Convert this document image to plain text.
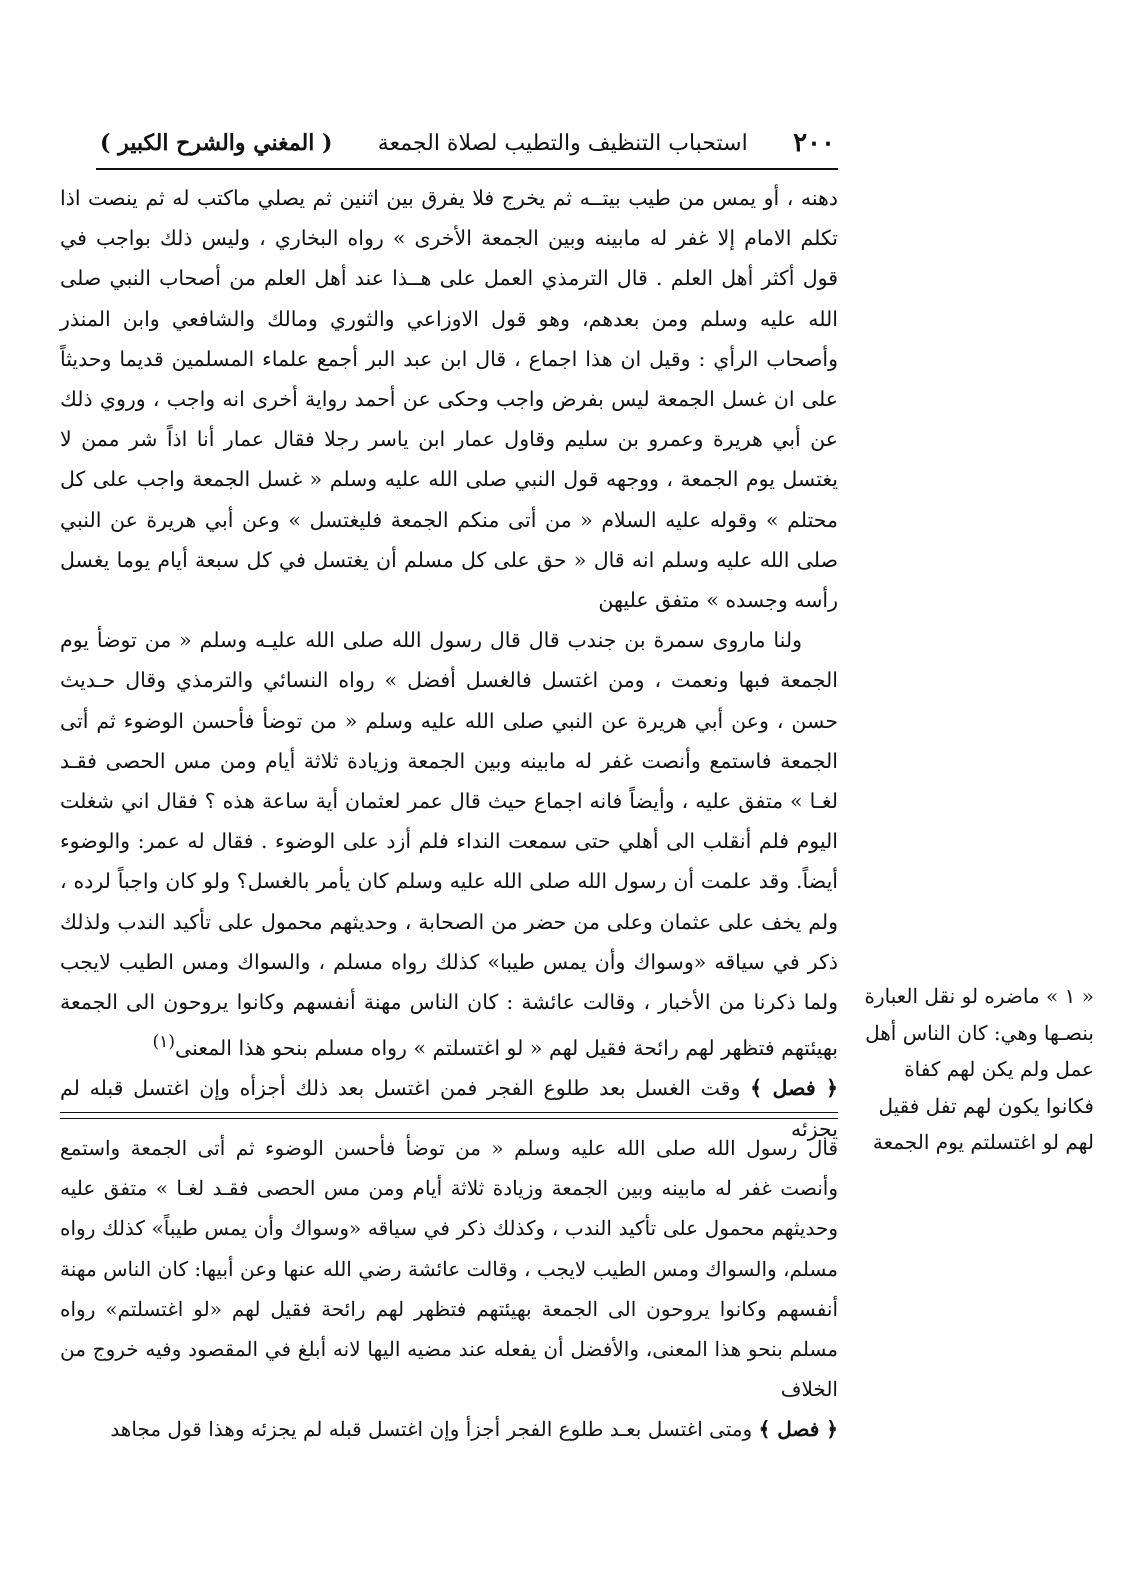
٢٠٠
استحباب التنظيف والتطيب لصلاة الجمعة
( المغني والشرح الكبير )

دهنه ، أو يمس من طيب بيتــه ثم يخرج فلا يفرق بين اثنين ثم يصلي ماكتب له ثم ينصت اذا تكلم الامام إلا غفر له مابينه وبين الجمعة الأخرى » رواه البخاري ، وليس ذلك بواجب في قول أكثر أهل العلم . قال الترمذي العمل على هــذا عند أهل العلم من أصحاب النبي صلى الله عليه وسلم ومن بعدهم، وهو قول الاوزاعي والثوري ومالك والشافعي وابن المنذر وأصحاب الرأي : وقيل ان هذا اجماع ، قال ابن عبد البر أجمع علماء المسلمين قديما وحديثاً على ان غسل الجمعة ليس بفرض واجب وحكى عن أحمد رواية أخرى انه واجب ، وروي ذلك عن أبي هريرة وعمرو بن سليم وقاول عمار ابن ياسر رجلا فقال عمار أنا اذاً شر ممن لا يغتسل يوم الجمعة ، ووجهه قول النبي صلى الله عليه وسلم « غسل الجمعة واجب على كل محتلم » وقوله عليه السلام « من أتى منكم الجمعة فليغتسل » وعن أبي هريرة عن النبي صلى الله عليه وسلم انه قال « حق على كل مسلم أن يغتسل في كل سبعة أيام يوما يغسل رأسه وجسده » متفق عليهن

ولنا ماروى سمرة بن جندب قال قال رسول الله صلى الله عليـه وسلم « من توضأ يوم الجمعة فبها ونعمت ، ومن اغتسل فالغسل أفضل » رواه النسائي والترمذي وقال حـديث حسن ، وعن أبي هريرة عن النبي صلى الله عليه وسلم « من توضأ فأحسن الوضوء ثم أتى الجمعة فاستمع وأنصت غفر له مابينه وبين الجمعة وزيادة ثلاثة أيام ومن مس الحصى فقـد لغـا » متفق عليه ، وأيضاً فانه اجماع حيث قال عمر لعثمان أية ساعة هذه ؟ فقال اني شغلت اليوم فلم أنقلب الى أهلي حتى سمعت النداء فلم أزد على الوضوء . فقال له عمر: والوضوء أيضاً. وقد علمت أن رسول الله صلى الله عليه وسلم كان يأمر بالغسل؟ ولو كان واجباً لرده ، ولم يخف على عثمان وعلى من حضر من الصحابة ، وحديثهم محمول على تأكيد الندب ولذلك ذكر في سياقه «وسواك وأن يمس طيبا» كذلك رواه مسلم ، والسواك ومس الطيب لايجب ولما ذكرنا من الأخبار ، وقالت عائشة : كان الناس مهنة أنفسهم وكانوا يروحون الى الجمعة بهيئتهم فتظهر لهم رائحة فقيل لهم « لو اغتسلتم » رواه مسلم بنحو هذا المعنى$^{(١)}$

﴿ فصل ﴾ وقت الغسل بعد طلوع الفجر فمن اغتسل بعد ذلك أجزأه وإن اغتسل قبله لم يجزئه

قال رسول الله صلى الله عليه وسلم « من توضأ فأحسن الوضوء ثم أتى الجمعة واستمع وأنصت غفر له مابينه وبين الجمعة وزيادة ثلاثة أيام ومن مس الحصى فقـد لغـا » متفق عليه وحديثهم محمول على تأكيد الندب ، وكذلك ذكر في سياقه «وسواك وأن يمس طيباً» كذلك رواه مسلم، والسواك ومس الطيب لايجب ، وقالت عائشة رضي الله عنها وعن أبيها: كان الناس مهنة أنفسهم وكانوا يروحون الى الجمعة بهيئتهم فتظهر لهم رائحة فقيل لهم «لو اغتسلتم» رواه مسلم بنحو هذا المعنى، والأفضل أن يفعله عند مضيه اليها لانه أبلغ في المقصود وفيه خروج من الخلاف

﴿ فصل ﴾ ومتى اغتسل بعـد طلوع الفجر أجزأ وإن اغتسل قبله لم يجزئه وهذا قول مجاهد

« ١ » ماضره لو نقل العبارة بنصـها وهي: كان الناس أهل عمل ولم يكن لهم كفاة فكانوا يكون لهم تفل فقيل لهم لو اغتسلتم يوم الجمعة
